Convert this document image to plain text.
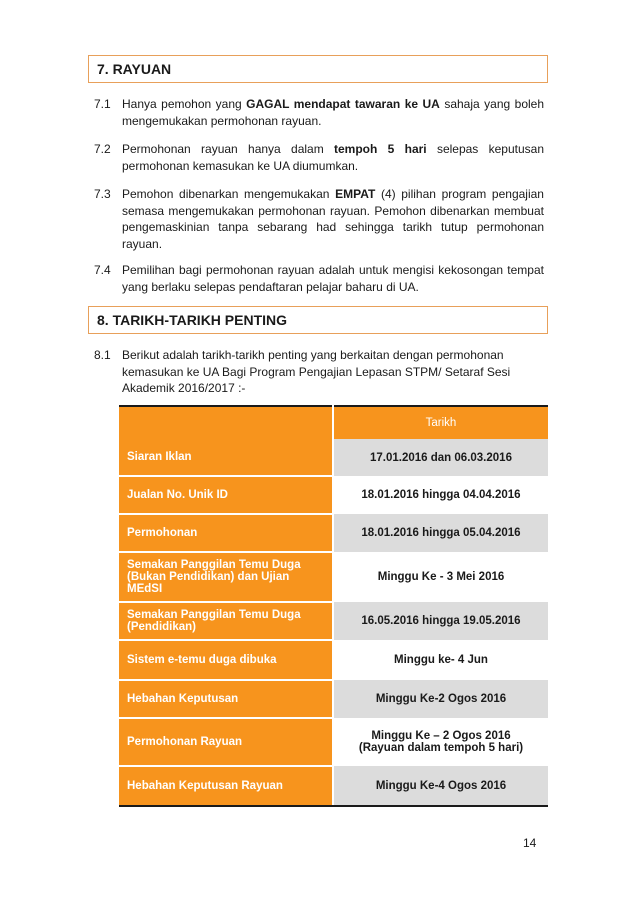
7. RAYUAN
7.1 Hanya pemohon yang GAGAL mendapat tawaran ke UA sahaja yang boleh mengemukakan permohonan rayuan.
7.2 Permohonan rayuan hanya dalam tempoh 5 hari selepas keputusan permohonan kemasukan ke UA diumumkan.
7.3 Pemohon dibenarkan mengemukakan EMPAT (4) pilihan program pengajian semasa mengemukakan permohonan rayuan. Pemohon dibenarkan membuat pengemaskinian tanpa sebarang had sehingga tarikh tutup permohonan rayuan.
7.4 Pemilihan bagi permohonan rayuan adalah untuk mengisi kekosongan tempat yang berlaku selepas pendaftaran pelajar baharu di UA.
8. TARIKH-TARIKH PENTING
8.1 Berikut adalah tarikh-tarikh penting yang berkaitan dengan permohonan kemasukan ke UA Bagi Program Pengajian Lepasan STPM/ Setaraf Sesi Akademik 2016/2017 :-
	Tarikh
Siaran Iklan	17.01.2016 dan 06.03.2016
Jualan No. Unik ID	18.01.2016 hingga 04.04.2016
Permohonan	18.01.2016 hingga 05.04.2016
Semakan Panggilan Temu Duga (Bukan Pendidikan) dan Ujian MEdSI	Minggu Ke - 3 Mei 2016
Semakan Panggilan Temu Duga (Pendidikan)	16.05.2016 hingga 19.05.2016
Sistem e-temu duga dibuka	Minggu ke- 4 Jun
Hebahan Keputusan	Minggu Ke-2 Ogos 2016
Permohonan Rayuan	Minggu Ke – 2 Ogos 2016
(Rayuan dalam tempoh 5 hari)

Hebahan Keputusan Rayuan	Minggu Ke-4 Ogos 2016
14
